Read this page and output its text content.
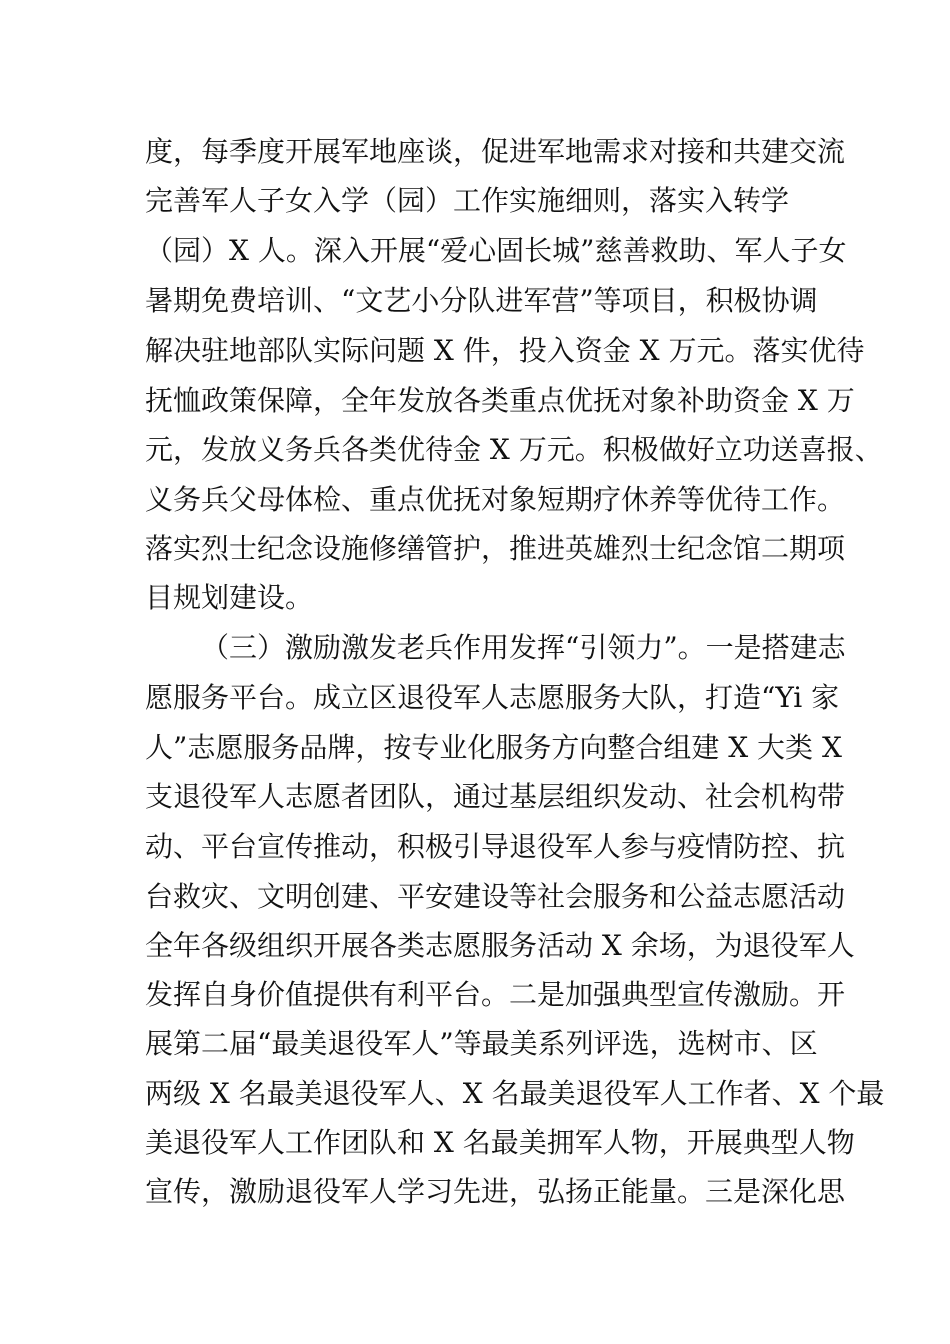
度，每季度开展军地座谈，促进军地需求对接和共建交流
完善军人子女入学（园）工作实施细则，落实入转学
（园）X 人。深入开展“爱心固长城”慈善救助、军人子女
暑期免费培训、“文艺小分队进军营”等项目，积极协调
解决驻地部队实际问题 X 件，投入资金 X 万元。落实优待
抚恤政策保障，全年发放各类重点优抚对象补助资金 X 万
元，发放义务兵各类优待金 X 万元。积极做好立功送喜报、
义务兵父母体检、重点优抚对象短期疗休养等优待工作。
落实烈士纪念设施修缮管护，推进英雄烈士纪念馆二期项
目规划建设。
（三）激励激发老兵作用发挥“引领力”。一是搭建志
愿服务平台。成立区退役军人志愿服务大队，打造“Yi 家
人”志愿服务品牌，按专业化服务方向整合组建 X 大类 X
支退役军人志愿者团队，通过基层组织发动、社会机构带
动、平台宣传推动，积极引导退役军人参与疫情防控、抗
台救灾、文明创建、平安建设等社会服务和公益志愿活动
全年各级组织开展各类志愿服务活动 X 余场，为退役军人
发挥自身价值提供有利平台。二是加强典型宣传激励。开
展第二届“最美退役军人”等最美系列评选，选树市、区
两级 X 名最美退役军人、X 名最美退役军人工作者、X 个最
美退役军人工作团队和 X 名最美拥军人物，开展典型人物
宣传，激励退役军人学习先进，弘扬正能量。三是深化思
